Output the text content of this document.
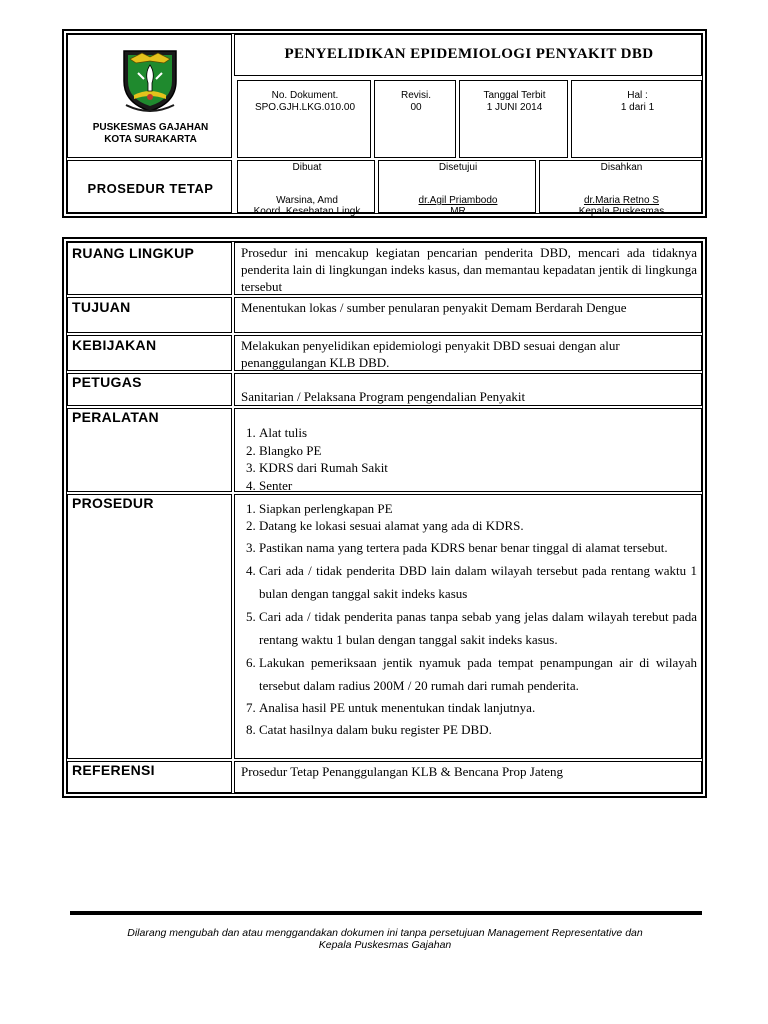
PUSKESMAS GAJAHAN
KOTA SURAKARTA
PENYELIDIKAN EPIDEMIOLOGI PENYAKIT DBD
No. Dokument.
SPO.GJH.LKG.010.00
Revisi.
00
Tanggal Terbit
1 JUNI 2014
Hal :
1 dari 1
PROSEDUR TETAP
Dibuat
Warsina, Amd
Koord. Kesehatan Lingk
Disetujui
dr.Agil Priambodo
MR
Disahkan
dr.Maria Retno S
Kepala Puskesmas
RUANG LINGKUP	Prosedur ini mencakup kegiatan pencarian penderita DBD, mencari ada tidaknya penderita lain di lingkungan indeks kasus, dan memantau kepadatan jentik di lingkunga tersebut
TUJUAN	Menentukan lokas / sumber penularan penyakit Demam Berdarah Dengue
KEBIJAKAN	Melakukan penyelidikan epidemiologi penyakit DBD sesuai dengan alur penanggulangan KLB DBD.
PETUGAS
Sanitarian / Pelaksana Program pengendalian Penyakit
PERALATAN
1. Alat tulis
2. Blangko PE
3. KDRS dari Rumah Sakit
4. Senter
PROSEDUR
1.	Siapkan perlengkapan PE
2. Datang ke lokasi sesuai alamat yang ada di KDRS.
3. Pastikan nama yang tertera pada KDRS benar benar tinggal di alamat tersebut.
4. Cari ada / tidak penderita DBD lain dalam wilayah tersebut pada rentang waktu 1 bulan dengan tanggal sakit indeks kasus
5. Cari ada / tidak penderita panas tanpa sebab yang jelas dalam wilayah terebut pada rentang waktu 1 bulan dengan tanggal sakit indeks kasus.
6. Lakukan pemeriksaan jentik nyamuk pada tempat penampungan air di wilayah tersebut dalam radius 200M / 20 rumah dari rumah penderita.
7. Analisa hasil PE untuk menentukan tindak lanjutnya.
8. Catat hasilnya dalam buku register PE DBD.
REFERENSI	Prosedur Tetap Penanggulangan KLB & Bencana Prop Jateng
Dilarang mengubah dan atau menggandakan dokumen ini tanpa persetujuan Management Representative dan
Kepala Puskesmas Gajahan
